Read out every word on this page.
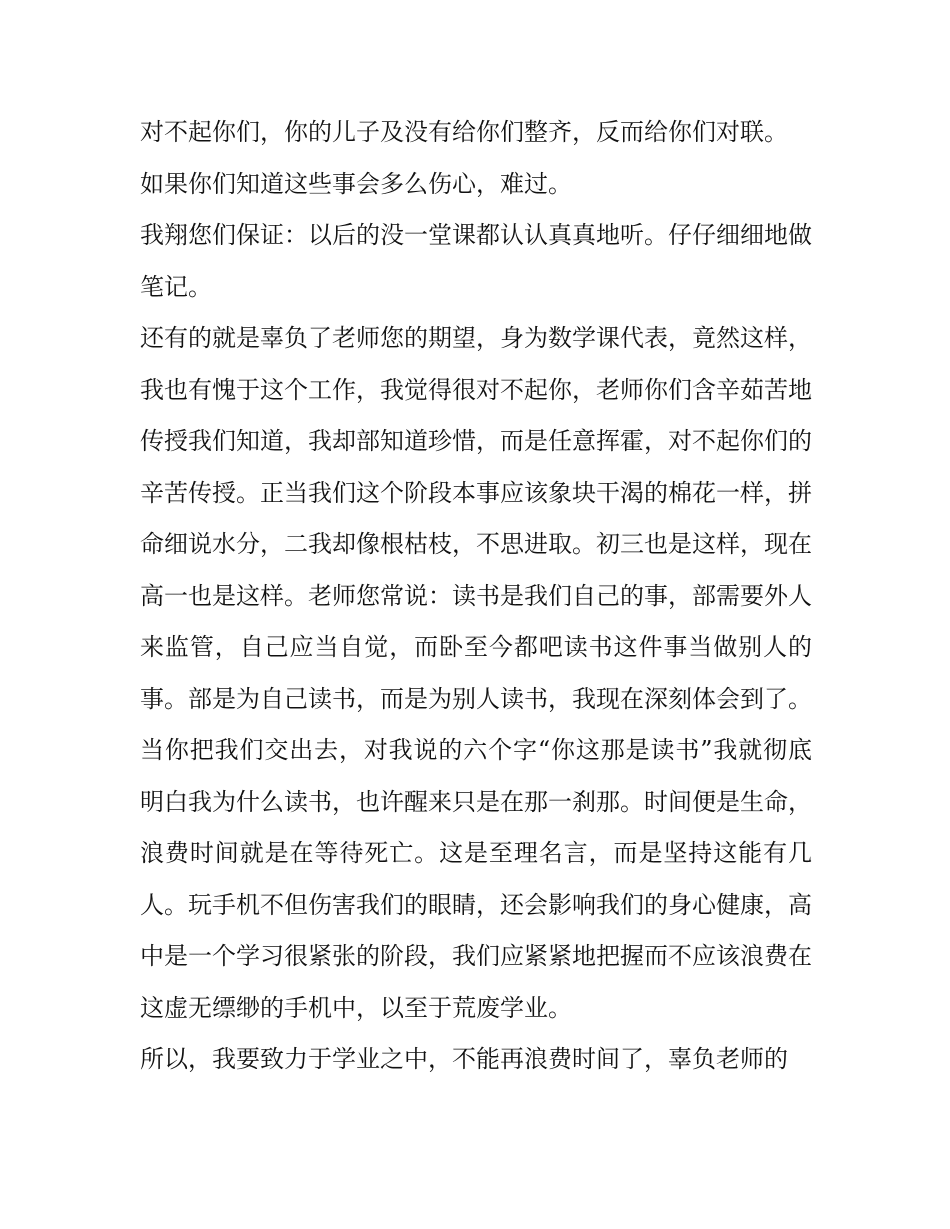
对不起你们，你的儿子及没有给你们整齐，反而给你们对联。

如果你们知道这些事会多么伤心，难过。

我翔您们保证：以后的没一堂课都认认真真地听。仔仔细细地做笔记。

还有的就是辜负了老师您的期望，身为数学课代表，竟然这样，我也有愧于这个工作，我觉得很对不起你，老师你们含辛茹苦地传授我们知道，我却部知道珍惜，而是任意挥霍，对不起你们的辛苦传授。正当我们这个阶段本事应该象块干渴的棉花一样，拼命细说水分，二我却像根枯枝，不思进取。初三也是这样，现在高一也是这样。老师您常说：读书是我们自己的事，部需要外人来监管，自己应当自觉，而卧至今都吧读书这件事当做别人的事。部是为自己读书，而是为别人读书，我现在深刻体会到了。当你把我们交出去，对我说的六个字“你这那是读书”我就彻底明白我为什么读书，也许醒来只是在那一刹那。时间便是生命，浪费时间就是在等待死亡。这是至理名言，而是坚持这能有几人。玩手机不但伤害我们的眼睛，还会影响我们的身心健康，高中是一个学习很紧张的阶段，我们应紧紧地把握而不应该浪费在这虚无缥缈的手机中，以至于荒废学业。

所以，我要致力于学业之中，不能再浪费时间了，辜负老师的
